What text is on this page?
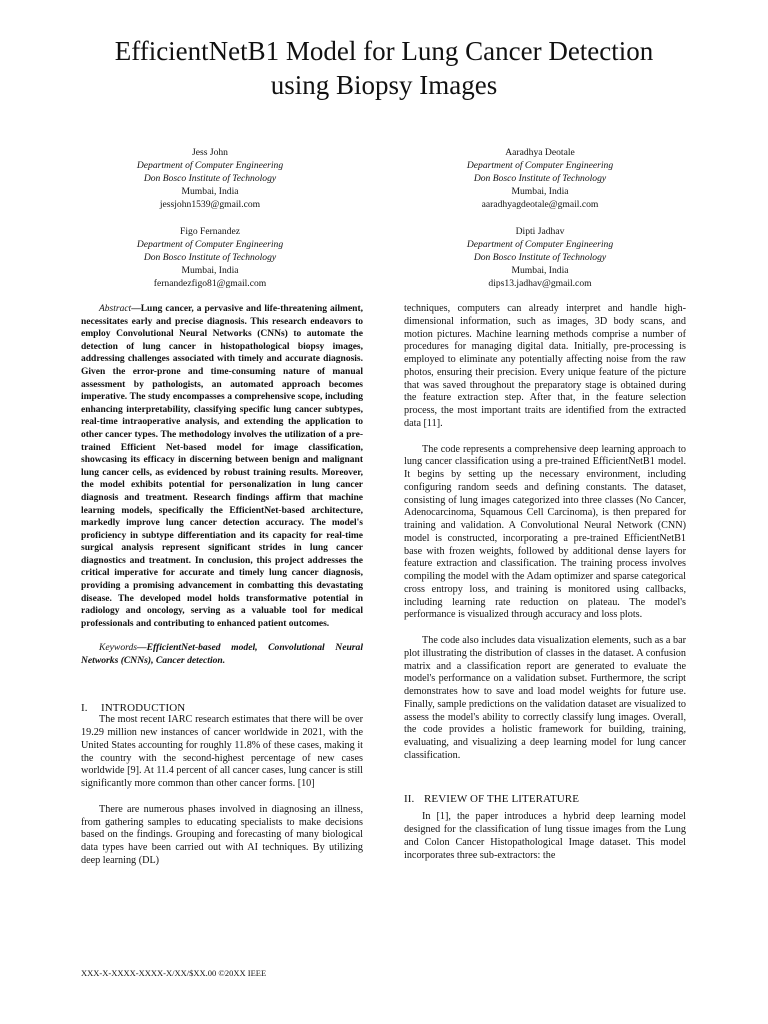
EfficientNetB1 Model for Lung Cancer Detection
using Biopsy Images
Jess John
Department of Computer Engineering
Don Bosco Institute of Technology
Mumbai, India
jessjohn1539@gmail.com
Aaradhya Deotale
Department of Computer Engineering
Don Bosco Institute of Technology
Mumbai, India
aaradhyagdeotale@gmail.com
Figo Fernandez
Department of Computer Engineering
Don Bosco Institute of Technology
Mumbai, India
fernandezfigo81@gmail.com
Dipti Jadhav
Department of Computer Engineering
Don Bosco Institute of Technology
Mumbai, India
dips13.jadhav@gmail.com

Abstract—Lung cancer, a pervasive and life-threatening ailment, necessitates early and precise diagnosis. This research endeavors to employ Convolutional Neural Networks (CNNs) to automate the detection of lung cancer in histopathological biopsy images, addressing challenges associated with timely and accurate diagnosis. Given the error-prone and time-consuming nature of manual assessment by pathologists, an automated approach becomes imperative. The study encompasses a comprehensive scope, including enhancing interpretability, classifying specific lung cancer subtypes, real-time intraoperative analysis, and extending the application to other cancer types. The methodology involves the utilization of a pre-trained Efficient Net-based model for image classification, showcasing its efficacy in discerning between benign and malignant lung cancer cells, as evidenced by robust training results. Moreover, the model exhibits potential for personalization in lung cancer diagnosis and treatment. Research findings affirm that machine learning models, specifically the EfficientNet-based architecture, markedly improve lung cancer detection accuracy. The model's proficiency in subtype differentiation and its capacity for real-time surgical analysis represent significant strides in lung cancer diagnostics and treatment. In conclusion, this project addresses the critical imperative for accurate and timely lung cancer diagnosis, providing a promising advancement in combatting this devastating disease. The developed model holds transformative potential in radiology and oncology, serving as a valuable tool for medical professionals and contributing to enhanced patient outcomes.

Keywords—EfficientNet-based model, Convolutional Neural Networks (CNNs), Cancer detection.

I. INTRODUCTION

The most recent IARC research estimates that there will be over 19.29 million new instances of cancer worldwide in 2021, with the United States accounting for roughly 11.8% of these cases, making it the country with the second-highest percentage of new cases worldwide [9]. At 11.4 percent of all cancer cases, lung cancer is still significantly more common than other cancer forms. [10]

There are numerous phases involved in diagnosing an illness, from gathering samples to educating specialists to make decisions based on the findings. Grouping and forecasting of many biological data types have been carried out with AI techniques. By utilizing deep learning (DL)

techniques, computers can already interpret and handle high-dimensional information, such as images, 3D body scans, and motion pictures. Machine learning methods comprise a number of procedures for managing digital data. Initially, pre-processing is employed to eliminate any potentially affecting noise from the raw photos, ensuring their precision. Every unique feature of the picture that was saved throughout the preparatory stage is obtained during the feature extraction step. After that, in the feature selection process, the most important traits are identified from the extracted data [11].

The code represents a comprehensive deep learning approach to lung cancer classification using a pre-trained EfficientNetB1 model. It begins by setting up the necessary environment, including configuring random seeds and defining constants. The dataset, consisting of lung images categorized into three classes (No Cancer, Adenocarcinoma, Squamous Cell Carcinoma), is then prepared for training and validation. A Convolutional Neural Network (CNN) model is constructed, incorporating a pre-trained EfficientNetB1 base with frozen weights, followed by additional dense layers for feature extraction and classification. The training process involves compiling the model with the Adam optimizer and sparse categorical cross entropy loss, and training is monitored using callbacks, including learning rate reduction on plateau. The model's performance is visualized through accuracy and loss plots.

The code also includes data visualization elements, such as a bar plot illustrating the distribution of classes in the dataset. A confusion matrix and a classification report are generated to evaluate the model's performance on a validation subset. Furthermore, the script demonstrates how to save and load model weights for future use. Finally, sample predictions on the validation dataset are visualized to assess the model's ability to correctly classify lung images. Overall, the code provides a holistic framework for building, training, evaluating, and visualizing a deep learning model for lung cancer classification.

II. REVIEW OF THE LITERATURE

In [1], the paper introduces a hybrid deep learning model designed for the classification of lung tissue images from the Lung and Colon Cancer Histopathological Image dataset. This model incorporates three sub-extractors: the

XXX-X-XXXX-XXXX-X/XX/$XX.00 ©20XX IEEE
